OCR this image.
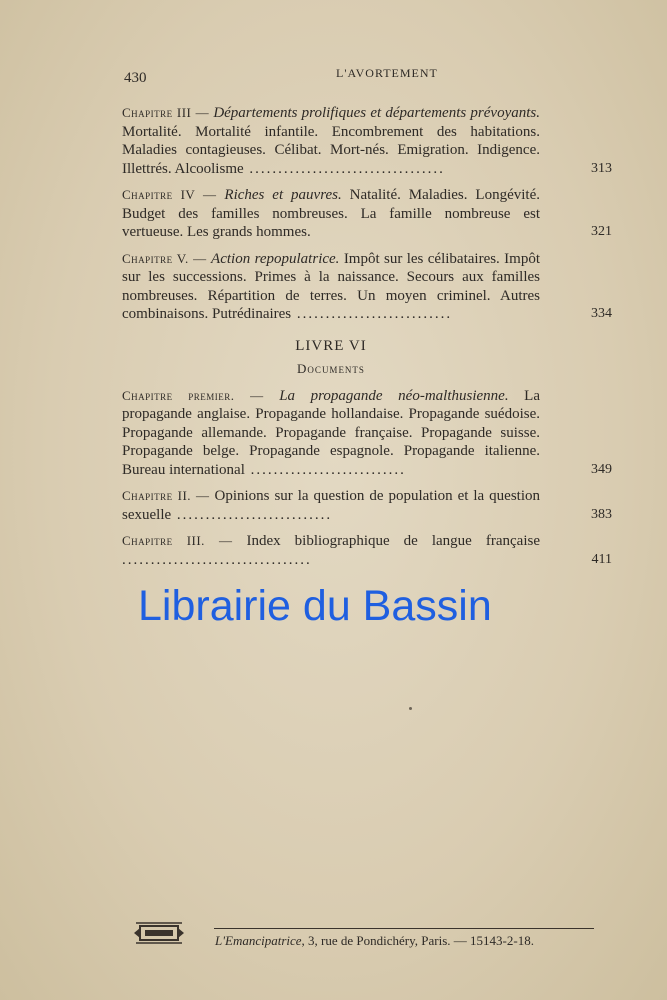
430	L'AVORTEMENT
Chapitre III — Départements prolifiques et départements prévoyants. Mortalité. Mortalité infantile. Encombrement des habitations. Maladies contagieuses. Célibat. Mort-nés. Emigration. Indigence. Illettrés. Alcoolisme ..................................	313
Chapitre IV — Riches et pauvres. Natalité. Maladies. Longévité. Budget des familles nombreuses. La famille nombreuse est vertueuse. Les grands hommes.	321
Chapitre V. — Action repopulatrice. Impôt sur les célibataires. Impôt sur les successions. Primes à la naissance. Secours aux familles nombreuses. Répartition de terres. Un moyen criminel. Autres combinaisons. Putrédinaires ...........................	334
LIVRE VI
Documents
Chapitre premier. — La propagande néo-malthusienne. La propagande anglaise. Propagande hollandaise. Propagande suédoise. Propagande allemande. Propagande française. Propagande suisse. Propagande belge. Propagande espagnole. Propagande italienne. Bureau international ...........................	349
Chapitre II. — Opinions sur la question de population et la question sexuelle ...........................	383
Chapitre III. — Index bibliographique de langue française .................................	411
Librairie du Bassin
L'Emancipatrice, 3, rue de Pondichéry, Paris. — 15143-2-18.
